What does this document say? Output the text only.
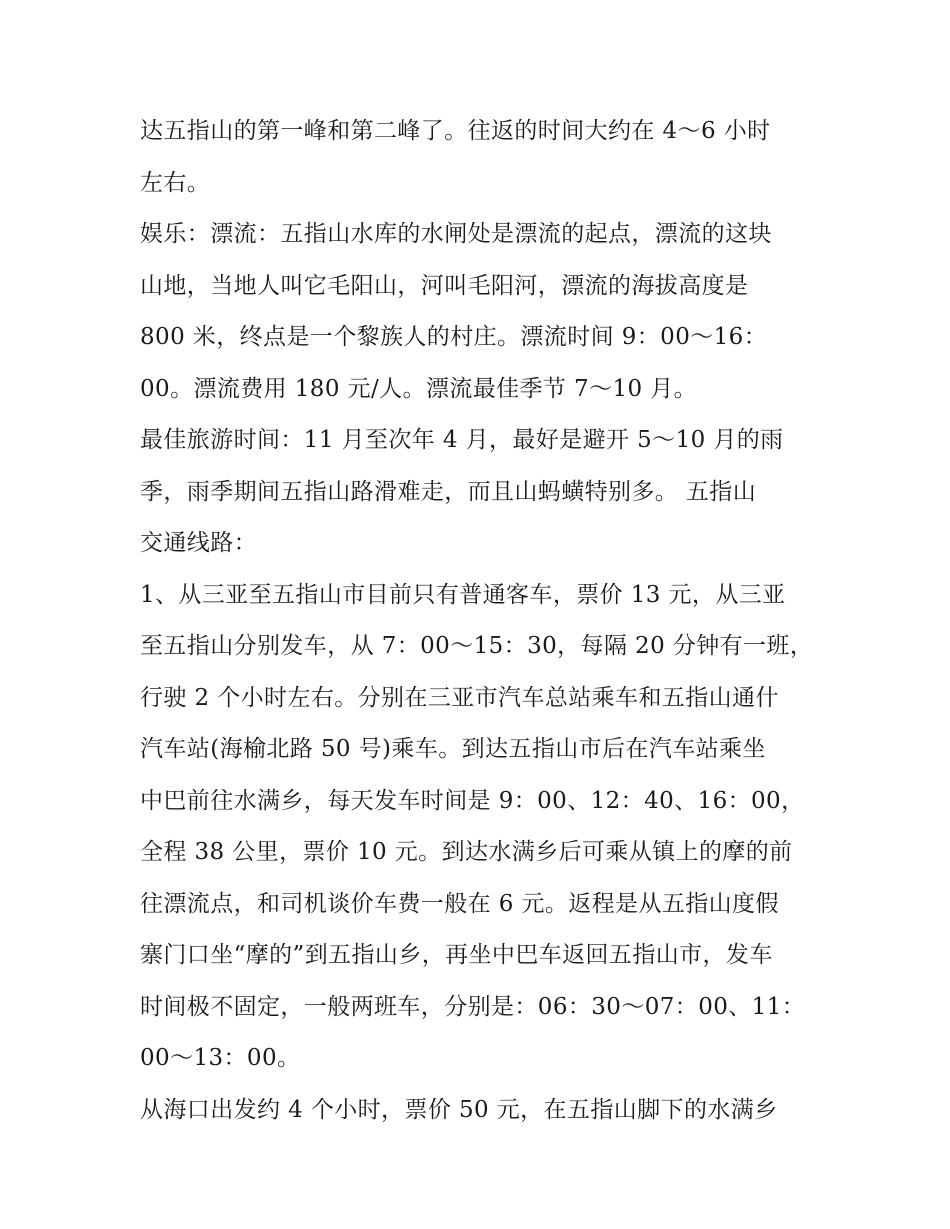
达五指山的第一峰和第二峰了。往返的时间大约在 4～6 小时
左右。
娱乐：漂流：五指山水库的水闸处是漂流的起点，漂流的这块
山地，当地人叫它毛阳山，河叫毛阳河，漂流的海拔高度是
800 米，终点是一个黎族人的村庄。漂流时间 9：00～16：
00。漂流费用 180 元/人。漂流最佳季节 7～10 月。
最佳旅游时间：11 月至次年 4 月，最好是避开 5～10 月的雨
季，雨季期间五指山路滑难走，而且山蚂蟥特别多。 五指山
交通线路：
1、从三亚至五指山市目前只有普通客车，票价 13 元，从三亚
至五指山分别发车，从 7：00～15：30，每隔 20 分钟有一班，
行驶 2 个小时左右。分别在三亚市汽车总站乘车和五指山通什
汽车站(海榆北路 50 号)乘车。到达五指山市后在汽车站乘坐
中巴前往水满乡，每天发车时间是 9：00、12：40、16：00，
全程 38 公里，票价 10 元。到达水满乡后可乘从镇上的摩的前
往漂流点，和司机谈价车费一般在 6 元。返程是从五指山度假
寨门口坐“摩的”到五指山乡，再坐中巴车返回五指山市，发车
时间极不固定，一般两班车，分别是：06：30～07：00、11：
00～13：00。
从海口出发约 4 个小时，票价 50 元，在五指山脚下的水满乡
